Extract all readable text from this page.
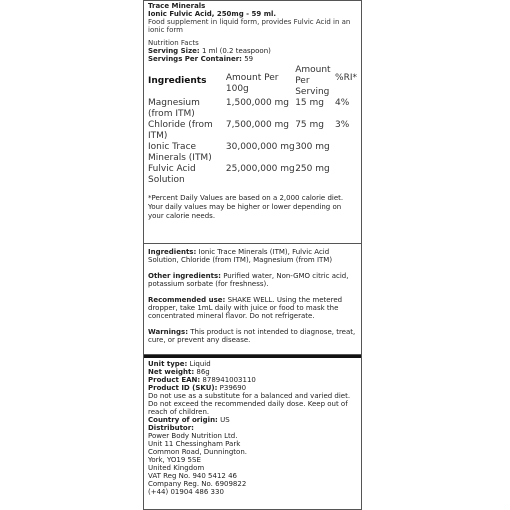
Trace Minerals
Ionic Fulvic Acid, 250mg - 59 ml.
Food supplement in liquid form, provides Fulvic Acid in an ionic form
Nutrition Facts
Serving Size: 1 ml (0.2 teaspoon)
Servings Per Container: 59
Ingredients	Amount Per 100g	Amount Per Serving	%RI*
Magnesium (from ITM)	1,500,000 mg	15 mg	4%
Chloride (from ITM)	7,500,000 mg	75 mg	3%
Ionic Trace Minerals (ITM)	30,000,000 mg	300 mg	
Fulvic Acid Solution	25,000,000 mg	250 mg	
*Percent Daily Values are based on a 2,000 calorie diet. Your daily values may be higher or lower depending on your calorie needs.

Ingredients: Ionic Trace Minerals (ITM), Fulvic Acid Solution, Chloride (from ITM), Magnesium (from ITM)

Other ingredients: Purified water, Non-GMO citric acid, potassium sorbate (for freshness).

Recommended use: SHAKE WELL. Using the metered dropper, take 1mL daily with juice or food to mask the concentrated mineral flavor. Do not refrigerate.

Warnings: This product is not intended to diagnose, treat, cure, or prevent any disease.

Unit type: Liquid
Net weight: 86g
Product EAN: 878941003110
Product ID (SKU): P39690
Do not use as a substitute for a balanced and varied diet. Do not exceed the recommended daily dose. Keep out of reach of children.
Country of origin: US
Distributor:
Power Body Nutrition Ltd.
Unit 11 Chessingham Park
Common Road, Dunnington.
York, YO19 5SE
United Kingdom
VAT Reg No. 940 5412 46
Company Reg. No. 6909822
(+44) 01904 486 330
